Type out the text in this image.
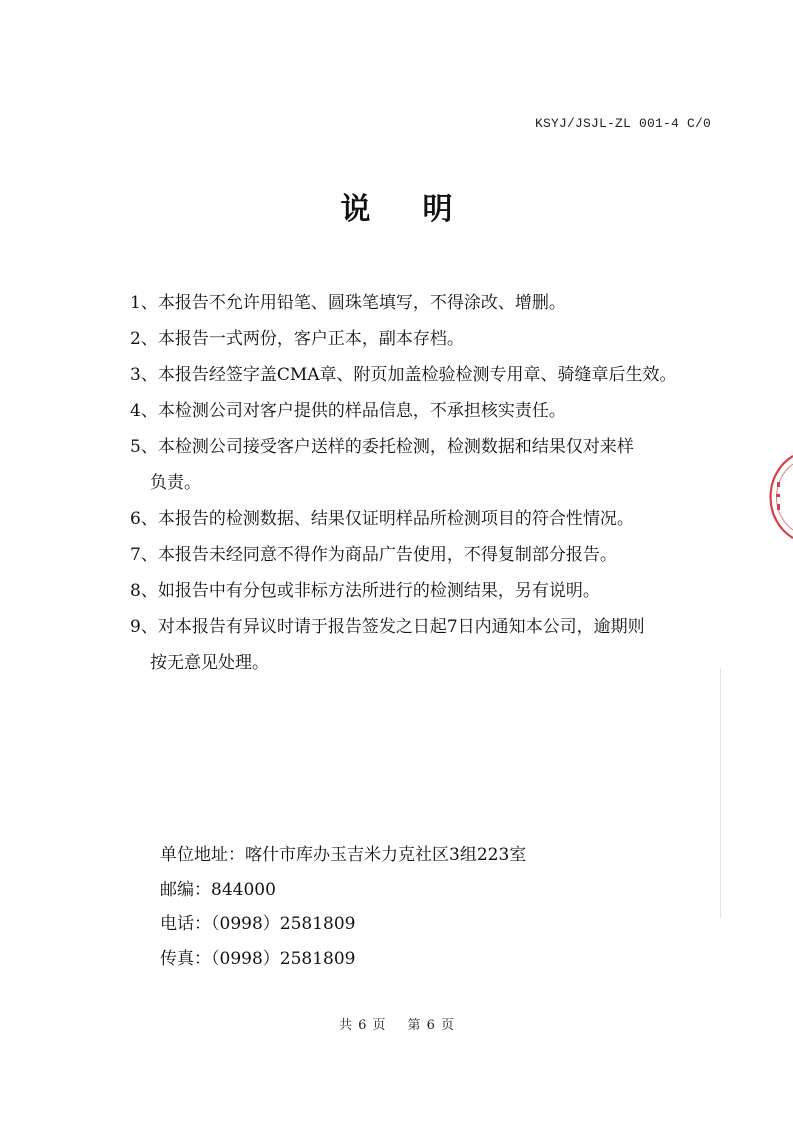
KSYJ/JSJL-ZL 001-4 C/0
说明
1、本报告不允许用铅笔、圆珠笔填写，不得涂改、增删。
2、本报告一式两份，客户正本，副本存档。
3、本报告经签字盖CMA章、附页加盖检验检测专用章、骑缝章后生效。
4、本检测公司对客户提供的样品信息，不承担核实责任。
5、本检测公司接受客户送样的委托检测，检测数据和结果仅对来样
负责。
6、本报告的检测数据、结果仅证明样品所检测项目的符合性情况。
7、本报告未经同意不得作为商品广告使用，不得复制部分报告。
8、如报告中有分包或非标方法所进行的检测结果，另有说明。
9、对本报告有异议时请于报告签发之日起7日内通知本公司，逾期则
按无意见处理。
单位地址：喀什市库办玉吉米力克社区3组223室
邮编：844000
电话：（0998）2581809
传真：（0998）2581809
共 6 页 第 6 页
